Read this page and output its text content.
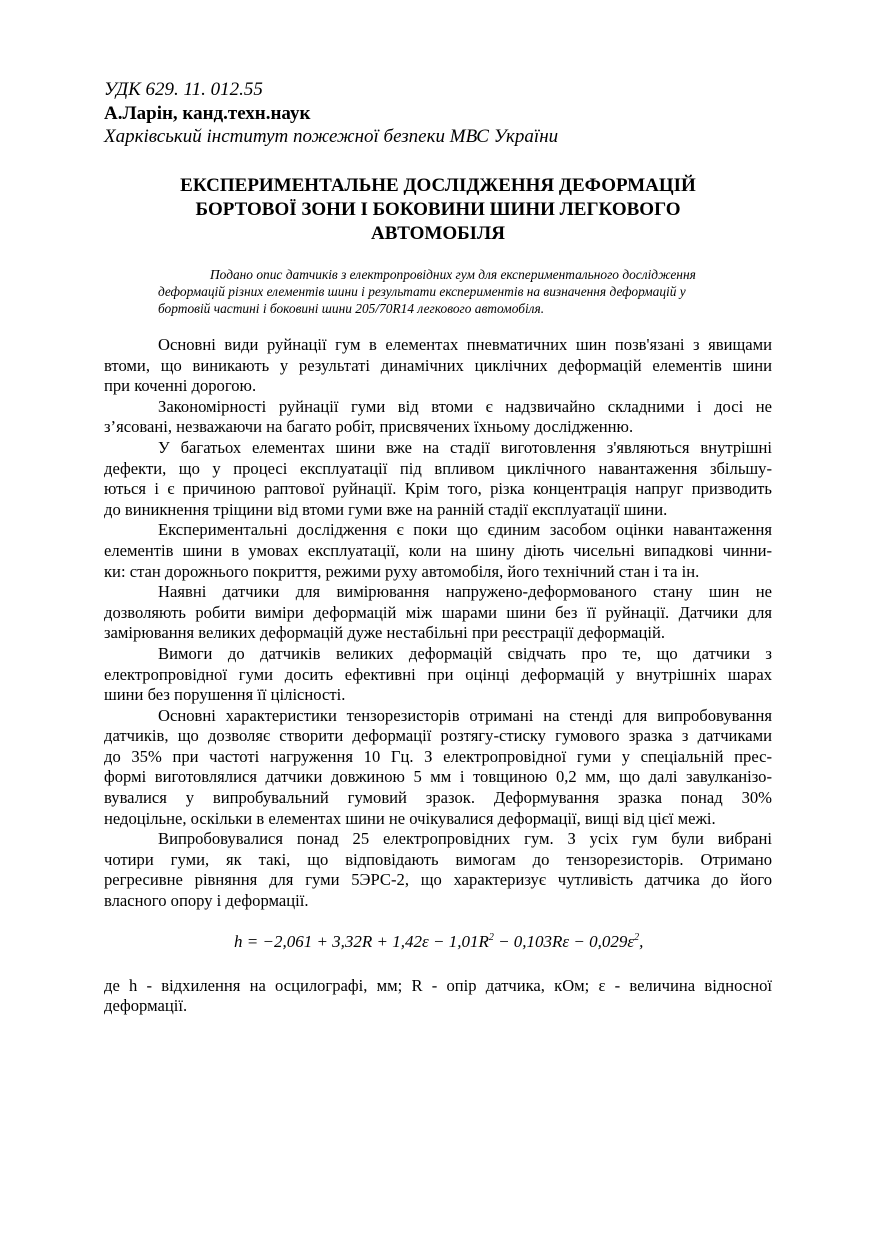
УДК 629. 11. 012.55

А.Ларін, канд.техн.наук

Харківський інститут пожежної безпеки МВС України

ЕКСПЕРИМЕНТАЛЬНЕ ДОСЛІДЖЕННЯ ДЕФОРМАЦІЙ
БОРТОВОЇ ЗОНИ І БОКОВИНИ ШИНИ ЛЕГКОВОГО
АВТОМОБІЛЯ
Подано опис датчиків з електропровідних гум для експериментального дослідження
деформацій різних елементів шини і результати експериментів на визначення деформацій у
бортовій частині і боковині шини 205/70R14 легкового автомобіля.
Основні види руйнації гум в елементах пневматичних шин позв'язані з явищами
втоми, що виникають у результаті динамічних циклічних деформацій елементів шини
при коченні дорогою.
Закономірності руйнації гуми від втоми є надзвичайно складними і досі не
з’ясовані, незважаючи на багато робіт, присвячених їхньому дослідженню.
У багатьох елементах шини вже на стадії виготовлення з'являються внутрішні
дефекти, що у процесі експлуатації під впливом циклічного навантаження збільшу-
ються і є причиною раптової руйнації. Крім того, різка концентрація напруг призводить
до виникнення тріщини від втоми гуми вже на ранній стадії експлуатації шини.
Експериментальні дослідження є поки що єдиним засобом оцінки навантаження
елементів шини в умовах експлуатації, коли на шину діють чисельні випадкові чинни-
ки: стан дорожнього покриття, режими руху автомобіля, його технічний стан і та ін.
Наявні датчики для вимірювання напружено-деформованого стану шин не
дозволяють робити виміри деформацій між шарами шини без її руйнації. Датчики для
замірювання великих деформацій дуже нестабільні при реєстрації деформацій.
Вимоги до датчиків великих деформацій свідчать про те, що датчики з
електропровідної гуми досить ефективні при оцінці деформацій у внутрішніх шарах
шини без порушення її цілісності.
Основні характеристики тензорезисторів отримані на стенді для випробовування
датчиків, що дозволяє створити деформації розтягу-стиску гумового зразка з датчиками
до 35% при частоті нагруження 10 Гц. З електропровідної гуми у спеціальній прес-
формі виготовлялися датчики довжиною 5 мм і товщиною 0,2 мм, що далі завулканізо-
вувалися у випробувальний гумовий зразок. Деформування зразка понад 30%
недоцільне, оскільки в елементах шини не очікувалися деформації, вищі від цієї межі.
Випробовувалися понад 25 електропровідних гум. З усіх гум були вибрані
чотири гуми, як такі, що відповідають вимогам до тензорезисторів. Отримано
регресивне рівняння для гуми 5ЭРС-2, що характеризує чутливість датчика до його
власного опору і деформації.
$h = -2,061 + 3,32R + 1,42\varepsilon - 1,01R^2 - 0,103R\varepsilon - 0,029\varepsilon^2$,
де h - відхилення на осцилографі, мм; R - опір датчика, кОм; ε - величина відносної
деформації.
